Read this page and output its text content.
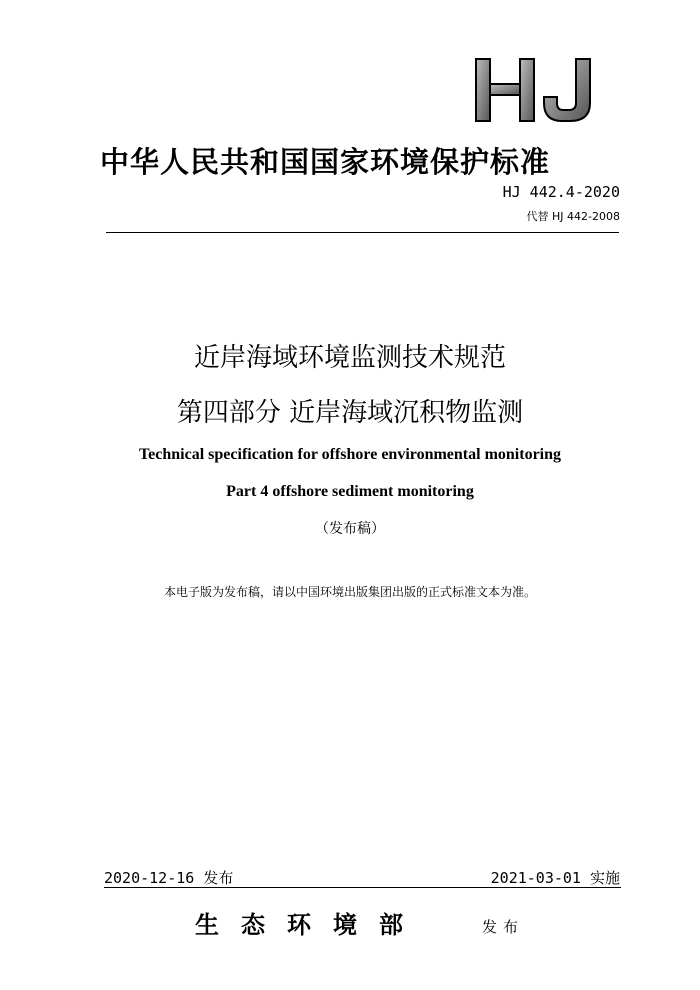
中华人民共和国国家环境保护标准
HJ 442.4-2020
代替 HJ 442-2008
近岸海域环境监测技术规范
第四部分 近岸海域沉积物监测
Technical specification for offshore environmental monitoring
Part 4 offshore sediment monitoring
（发布稿）
本电子版为发布稿，请以中国环境出版集团出版的正式标准文本为准。
2020-12-16 发布	2021-03-01 实施
生态环境部	发布
